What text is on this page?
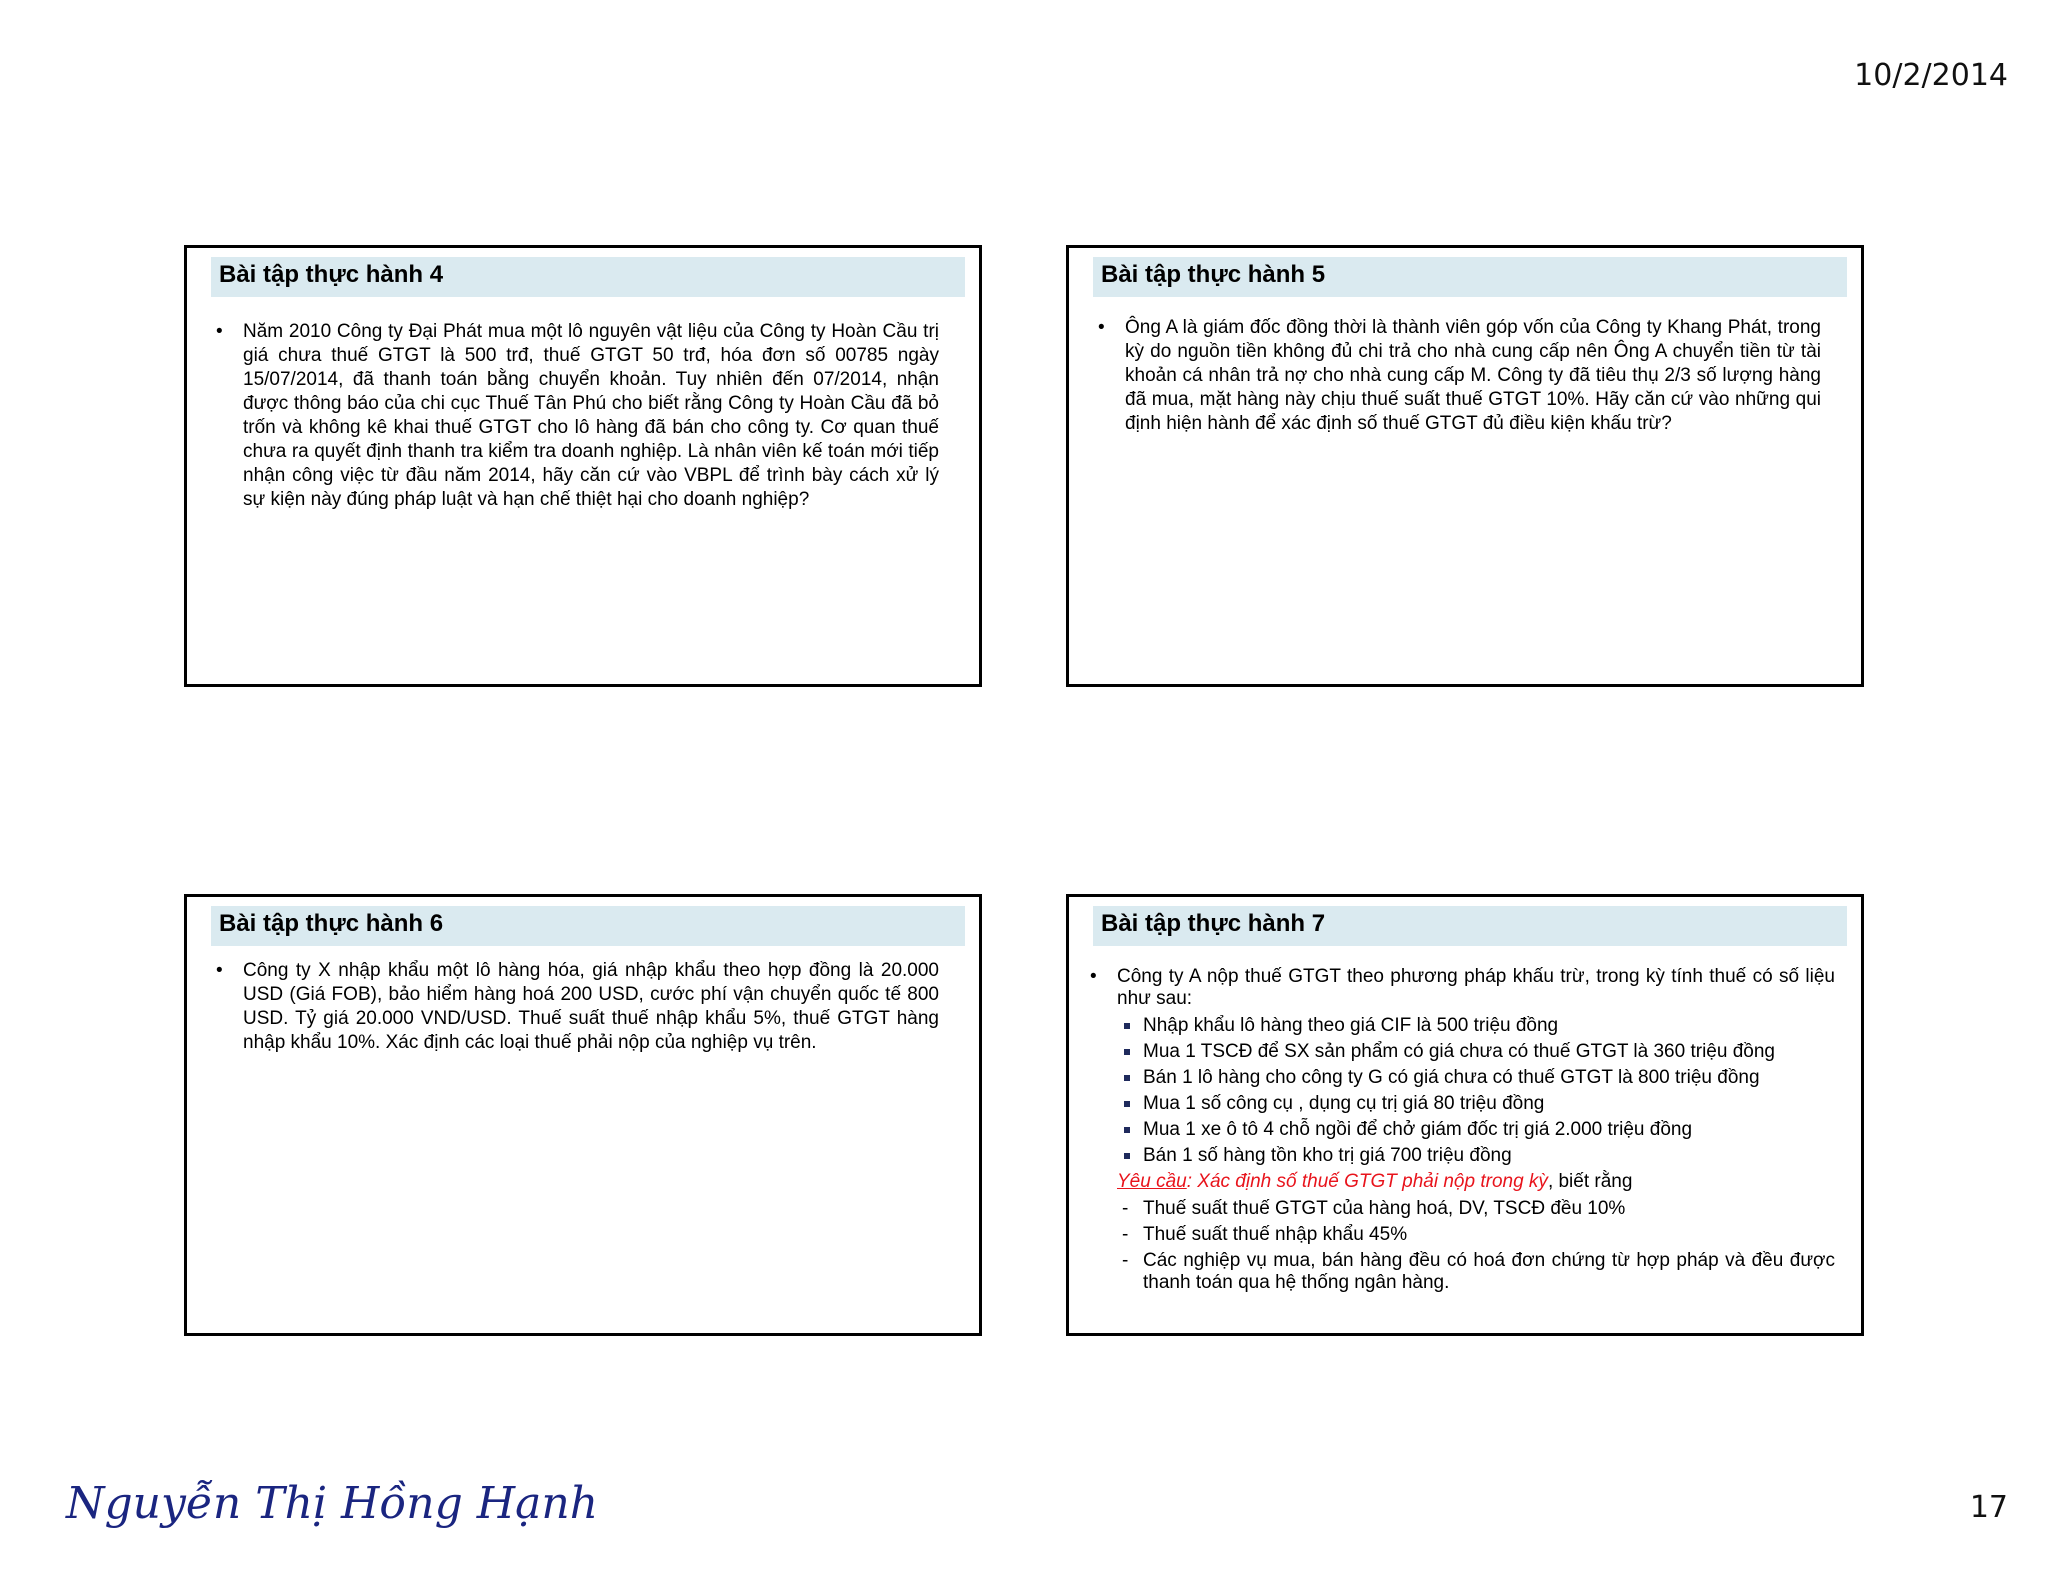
10/2/2014
Bài tập thực hành 4
• Năm 2010 Công ty Đại Phát mua một lô nguyên vật liệu của Công ty Hoàn Cầu trị giá chưa thuế GTGT là 500 trđ, thuế GTGT 50 trđ, hóa đơn số 00785 ngày 15/07/2014, đã thanh toán bằng chuyển khoản. Tuy nhiên đến 07/2014, nhận được thông báo của chi cục Thuế Tân Phú cho biết rằng Công ty Hoàn Cầu đã bỏ trốn và không kê khai thuế GTGT cho lô hàng đã bán cho công ty. Cơ quan thuế chưa ra quyết định thanh tra kiểm tra doanh nghiệp. Là nhân viên kế toán mới tiếp nhận công việc từ đầu năm 2014, hãy căn cứ vào VBPL để trình bày cách xử lý sự kiện này đúng pháp luật và hạn chế thiệt hại cho doanh nghiệp?
Bài tập thực hành 5
• Ông A là giám đốc đồng thời là thành viên góp vốn của Công ty Khang Phát, trong kỳ do nguồn tiền không đủ chi trả cho nhà cung cấp nên Ông A chuyển tiền từ tài khoản cá nhân trả nợ cho nhà cung cấp M. Công ty đã tiêu thụ 2/3 số lượng hàng đã mua, mặt hàng này chịu thuế suất thuế GTGT 10%. Hãy căn cứ vào những qui định hiện hành để xác định số thuế GTGT đủ điều kiện khấu trừ?
Bài tập thực hành 6
• Công ty X nhập khẩu một lô hàng hóa, giá nhập khẩu theo hợp đồng là 20.000 USD (Giá FOB), bảo hiểm hàng hoá 200 USD, cước phí vận chuyển quốc tế 800 USD. Tỷ giá 20.000 VND/USD. Thuế suất thuế nhập khẩu 5%, thuế GTGT hàng nhập khẩu 10%. Xác định các loại thuế phải nộp của nghiệp vụ trên.
Bài tập thực hành 7
• Công ty A nộp thuế GTGT theo phương pháp khấu trừ, trong kỳ tính thuế có số liệu như sau:
Nhập khẩu lô hàng theo giá CIF là 500 triệu đồng
Mua 1 TSCĐ để SX sản phẩm có giá chưa có thuế GTGT là 360 triệu đồng
Bán 1 lô hàng cho công ty G có giá chưa có thuế GTGT là 800 triệu đồng
Mua 1 số công cụ , dụng cụ trị giá 80 triệu đồng
Mua 1 xe ô tô 4 chỗ ngồi để chở giám đốc trị giá 2.000 triệu đồng
Bán 1 số hàng tồn kho trị giá 700 triệu đồng
Yêu cầu: Xác định số thuế GTGT phải nộp trong kỳ, biết rằng
- Thuế suất thuế GTGT của hàng hoá, DV, TSCĐ đều 10%
- Thuế suất thuế nhập khẩu 45%
- Các nghiệp vụ mua, bán hàng đều có hoá đơn chứng từ hợp pháp và đều được thanh toán qua hệ thống ngân hàng.
Nguyễn Thị Hồng Hạnh	17
